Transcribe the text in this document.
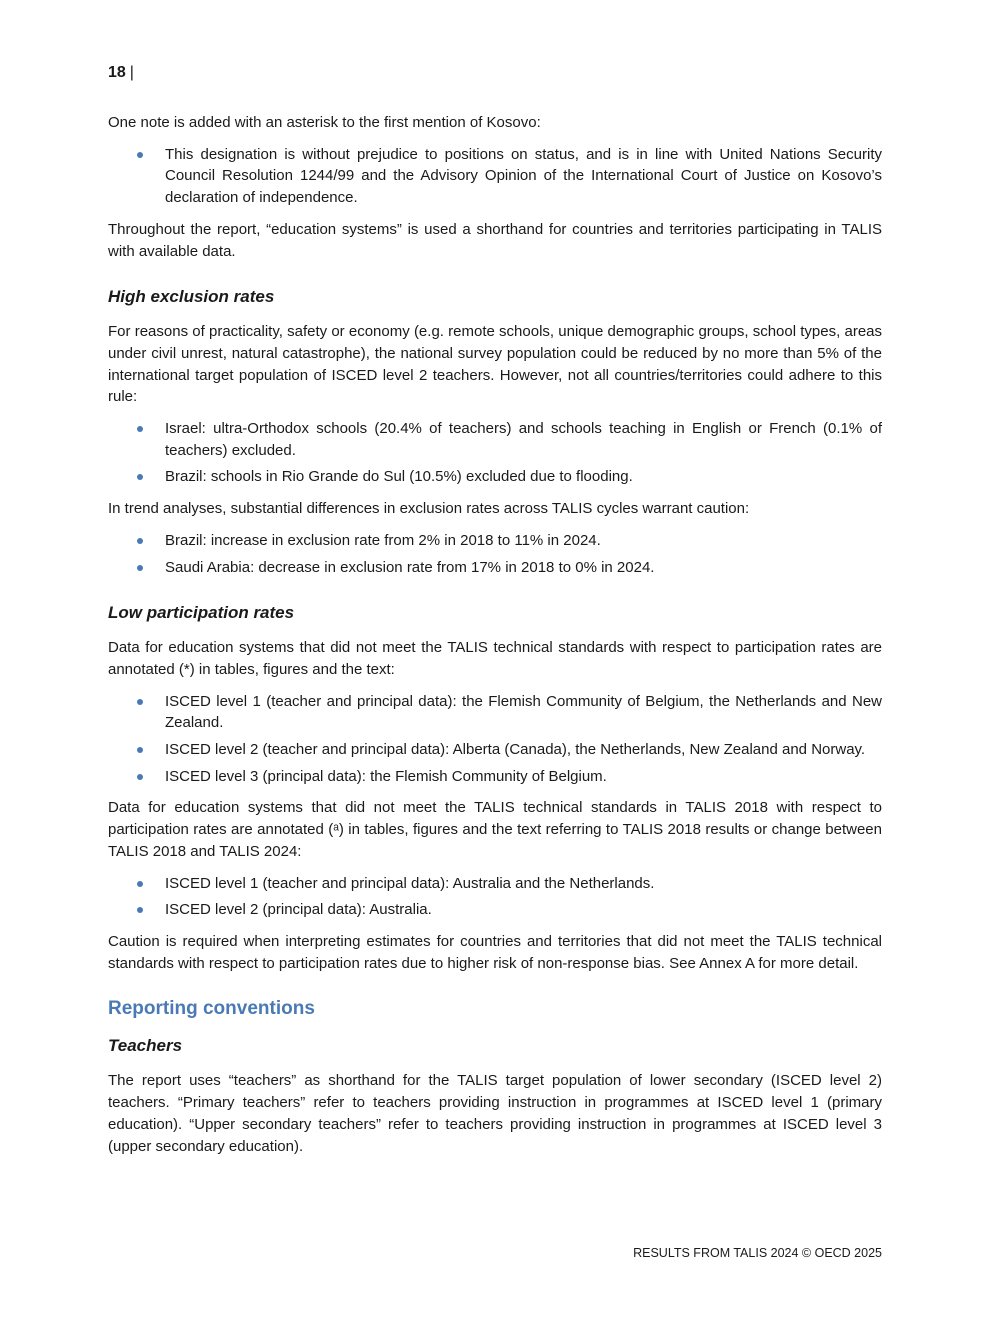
18 |

One note is added with an asterisk to the first mention of Kosovo:

This designation is without prejudice to positions on status, and is in line with United Nations Security Council Resolution 1244/99 and the Advisory Opinion of the International Court of Justice on Kosovo’s declaration of independence.

Throughout the report, “education systems” is used a shorthand for countries and territories participating in TALIS with available data.

High exclusion rates

For reasons of practicality, safety or economy (e.g. remote schools, unique demographic groups, school types, areas under civil unrest, natural catastrophe), the national survey population could be reduced by no more than 5% of the international target population of ISCED level 2 teachers. However, not all countries/territories could adhere to this rule:

Israel: ultra-Orthodox schools (20.4% of teachers) and schools teaching in English or French (0.1% of teachers) excluded.
Brazil: schools in Rio Grande do Sul (10.5%) excluded due to flooding.

In trend analyses, substantial differences in exclusion rates across TALIS cycles warrant caution:

Brazil: increase in exclusion rate from 2% in 2018 to 11% in 2024.
Saudi Arabia: decrease in exclusion rate from 17% in 2018 to 0% in 2024.
Low participation rates

Data for education systems that did not meet the TALIS technical standards with respect to participation rates are annotated (*) in tables, figures and the text:

ISCED level 1 (teacher and principal data): the Flemish Community of Belgium, the Netherlands and New Zealand.
ISCED level 2 (teacher and principal data): Alberta (Canada), the Netherlands, New Zealand and Norway.
ISCED level 3 (principal data): the Flemish Community of Belgium.

Data for education systems that did not meet the TALIS technical standards in TALIS 2018 with respect to participation rates are annotated (ᵃ) in tables, figures and the text referring to TALIS 2018 results or change between TALIS 2018 and TALIS 2024:

ISCED level 1 (teacher and principal data): Australia and the Netherlands.
ISCED level 2 (principal data): Australia.

Caution is required when interpreting estimates for countries and territories that did not meet the TALIS technical standards with respect to participation rates due to higher risk of non-response bias. See Annex A for more detail.

Reporting conventions
Teachers

The report uses “teachers” as shorthand for the TALIS target population of lower secondary (ISCED level 2) teachers. “Primary teachers” refer to teachers providing instruction in programmes at ISCED level 1 (primary education). “Upper secondary teachers” refer to teachers providing instruction in programmes at ISCED level 3 (upper secondary education).

RESULTS FROM TALIS 2024 © OECD 2025
